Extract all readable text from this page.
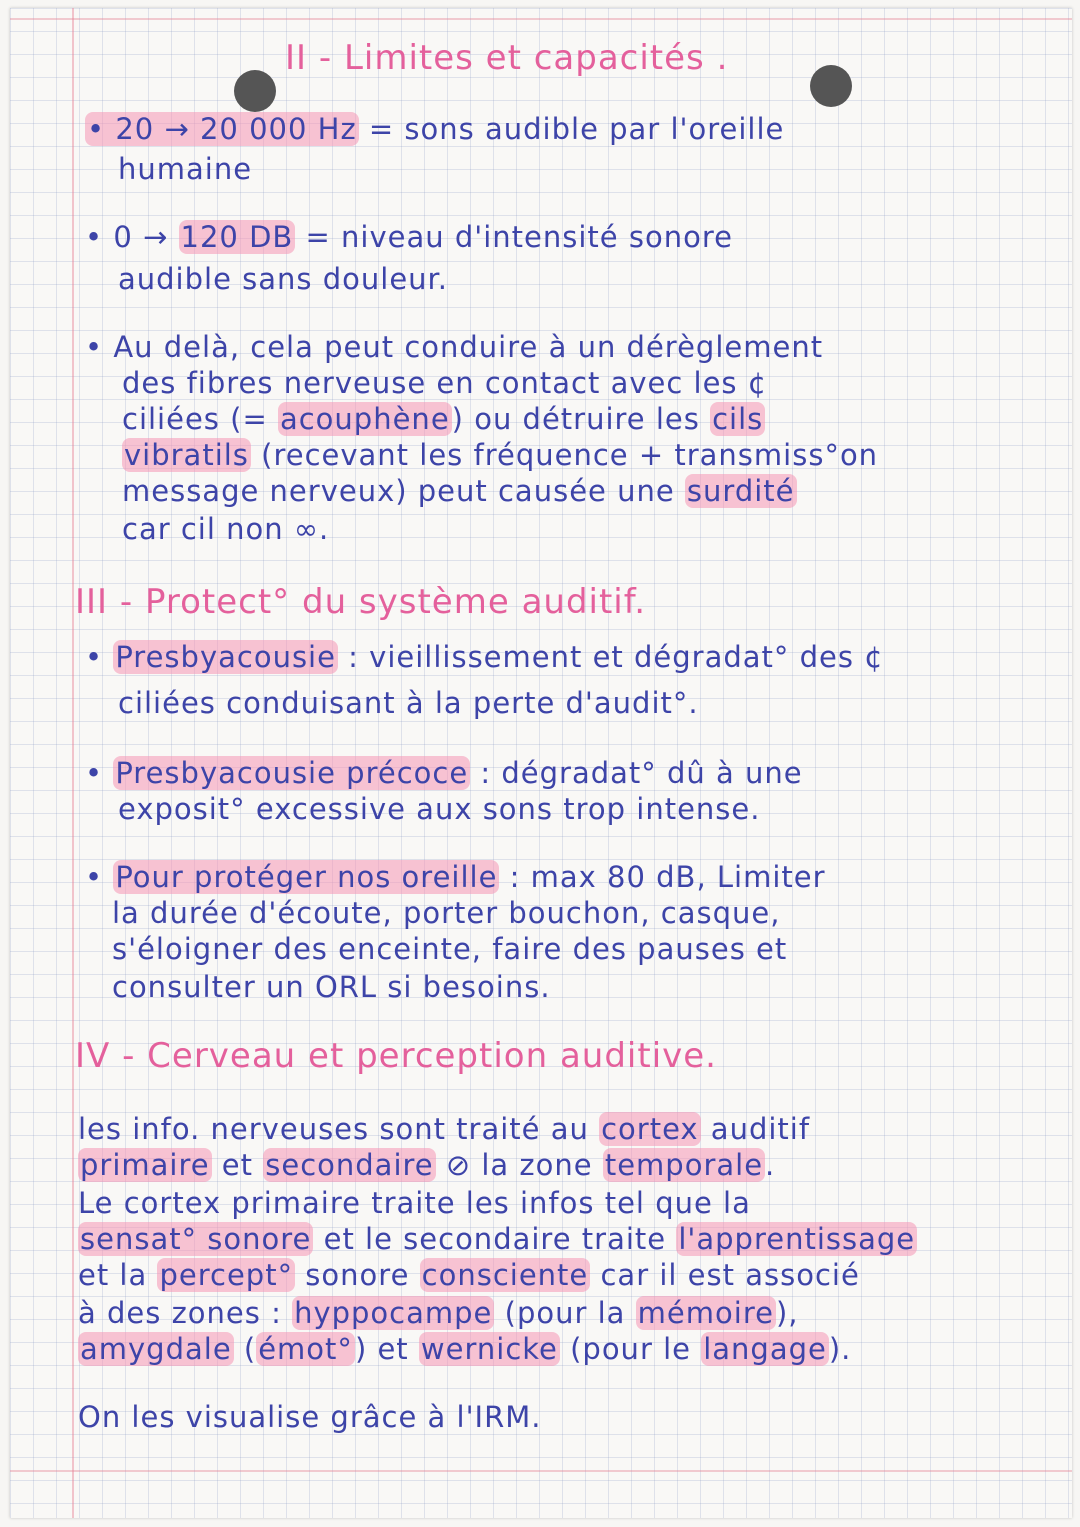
II - Limites et capacités .
• 20 → 20 000 Hz = sons audible par l'oreille
humaine
• 0 → 120 DB = niveau d'intensité sonore
audible sans douleur.
• Au delà, cela peut conduire à un dérèglement
des fibres nerveuse en contact avec les ¢
ciliées (= acouphène) ou détruire les cils
vibratils (recevant les fréquence + transmiss°on
message nerveux) peut causée une surdité
car cil non ∞.
III - Protect° du système auditif.
• Presbyacousie : vieillissement et dégradat° des ¢
ciliées conduisant à la perte d'audit°.
• Presbyacousie précoce : dégradat° dû à une
exposit° excessive aux sons trop intense.
• Pour protéger nos oreille : max 80 dB, Limiter
la durée d'écoute, porter bouchon, casque,
s'éloigner des enceinte, faire des pauses et
consulter un ORL si besoins.
IV - Cerveau et perception auditive.
les info. nerveuses sont traité au cortex auditif
primaire et secondaire ⊘ la zone temporale.
Le cortex primaire traite les infos tel que la
sensat° sonore et le secondaire traite l'apprentissage
et la percept° sonore consciente car il est associé
à des zones : hyppocampe (pour la mémoire),
amygdale (émot°) et wernicke (pour le langage).
On les visualise grâce à l'IRM.
